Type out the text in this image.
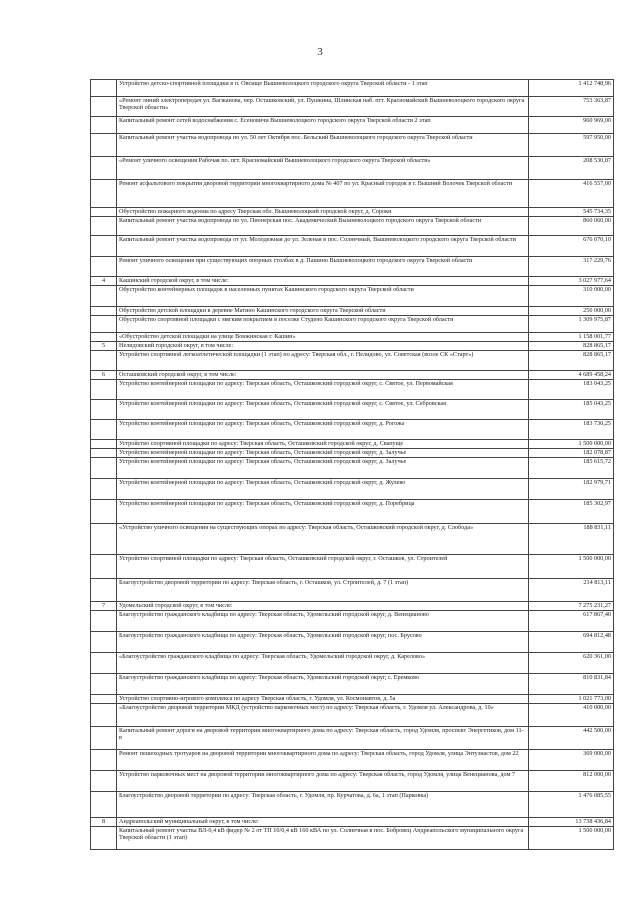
3
	Устройство детско-спортивной площадки в п. Овсище Вышневолоцкого городского округа Тверской области - 1 этап	1 412 748,96
	«Ремонт линий электропередач ул. Вагжанова, пер. Осташковский, ул. Пушкина, Шлинская наб. пгт. Красномайский Вышневолоцкого городского округа Тверской области»	753 363,87
	Капитальный ремонт сетей водоснабжения с. Есеновичи Вышневолоцкого городского округа Тверской области 2 этап	960 969,00
	Капитальный ремонт участка водопровода по ул. 50 лет Октября пос. Бельский Вышневолоцкого городского округа Тверской области	597 950,00
	«Ремонт уличного освещения Рабочая по. пгт. Красномайский Вышневолоцкого городского округа Тверской области»	208 530,87
	Ремонт асфальтового покрытия дворовой территории многоквартирного дома № 407 по ул. Красный городок в г. Вышний Волочек Тверской области	416 557,00
	Обустройство пожарного водоема по адресу Тверская обл. Вышневолоцкий городской округ, д. Сороки	545 734,35
	Капитальный ремонт участка водопровода по ул. Пионерская пос. Академический Вышневолоцкого городского округа Тверской области	860 060,00
	Капитальный ремонт участка водопровода от ул. Молодежная до ул. Зеленая в пос. Солнечный, Вышневолоцкого городского округа Тверской области	676 070,10
	Ремонт уличного освещения при существующих опорных столбах в д. Пашино Вышневолоцкого городского округа Тверской области	317 229,76
4	Кашинский городской округ, в том числе:	3 027 977,64
	Обустройство контейнерных площадок в населенных пунктах Кашинского городского округа Тверской области	310 000,00
	Обустройство детской площадки в деревне Матино Кашинского городского округа Тверской области	250 000,00
	Обустройство спортивной площадки с мягким покрытием в поселке Студено Кашинского городского округа Тверской области	1 309 975,87
	«Обустройство детской площадки на улице Вонжинская г. Кашин»	1 158 001,77
5	Нелидовский городской округ, в том числе:	828 865,17
	Устройство спортивной легкоатлетической площадки (1 этап) по адресу: Тверская обл., г. Нелидово, ул. Советская (возле СК «Старт»)	828 865,17
6	Осташковский городской округ, в том числе:	4 689 458,24
	Устройство контейнерной площадки по адресу: Тверская область, Осташковский городской округ, с. Святое, ул. Первомайская	183 043,25
	Устройство контейнерной площадки по адресу: Тверская область, Осташковский городской округ, с. Святое, ул. Себровская	185 043,25
	Устройство контейнерной площадки по адресу: Тверская область, Осташковский городской округ, д. Рогожа	183 730,25
	Устройство спортивной площадки по адресу: Тверская область, Осташковский городской округ, д. Свапуще	1 500 000,00
	Устройство контейнерной площадки по адресу: Тверская область, Осташковский городской округ, д. Залучье	182 078,87
	Устройство контейнерной площадки по адресу: Тверская область, Осташковский городской округ, д. Залучье	185 615,72
	Устройство контейнерной площадки по адресу: Тверская область, Осташковский городской округ, д. Жулево	182 979,71
	Устройство контейнерной площадки по адресу: Тверская область, Осташковский городской округ, д. Поребрица	185 302,97
	«Устройство уличного освещения на существующих опорах по адресу: Тверская область, Осташковский городской округ, д. Слобода»	188 831,11
	Устройство спортивной площадки по адресу: Тверская область, Осташковский городской округ, г. Осташков, ул. Строителей	1 500 000,00
	Благоустройство дворовой территории по адресу: Тверская область, г. Осташков, ул. Строителей, д. 7 (1 этап)	214 813,11
7	Удомельский городской округ, в том числе:	7 275 231,27
	Благоустройство гражданского кладбища по адресу: Тверская область, Удомельский городской округ, д. Венецианово	617 867,40
	Благоустройство гражданского кладбища по адресу: Тверская область, Удомельский городской округ, пос. Брусово	694 812,48
	«Благоустройство гражданского кладбища по адресу: Тверская область, Удомельский городской округ, д. Карелово»	620 361,00
	Благоустройство гражданского кладбища по адресу: Тверская область, Удомельский городской округ, с. Еремково	810 831,84
	Устройство спортивно-игрового комплекса по адресу Тверская область, г. Удомля, ул. Космонавтов, д. 5а	1 021 773,00
	«Благоустройство дворовой территории МКД (устройство парковочных мест) по адресу: Тверская область, г. Удомля ул. Александрова, д. 10»	410 000,00
	Капитальный ремонт дороги на дворовой территории многоквартирного дома по адресу: Тверская область, город Удомля, проспект Энергетиков, дом 11-в	442 500,00
	Ремонт пешеходных тротуаров на дворовой территории многоквартирного дома по адресу: Тверская область, город Удомля, улица Энтузиастов, дом 22	369 000,00
	Устройство парковочных мест на дворовой территории многоквартирного дома по адресу: Тверская область, город Удомля, улица Венецианова, дом 7	812 000,00
	Благоустройство дворовой территории по адресу: Тверская область, г. Удомля, пр. Курчатова, д. 6а, 1 этап (Парковка)	1 476 085,55
8	Андреапольский муниципальный округ, в том числе:	13 738 436,84
	Капитальный ремонт участка ВЛ-0,4 кВ фидер № 2 от ТП 10/0,4 кВ 160 кВА по ул. Солнечная в пос. Бобровец Андреапольского муниципального округа Тверской области (1 этап)	1 500 000,00
